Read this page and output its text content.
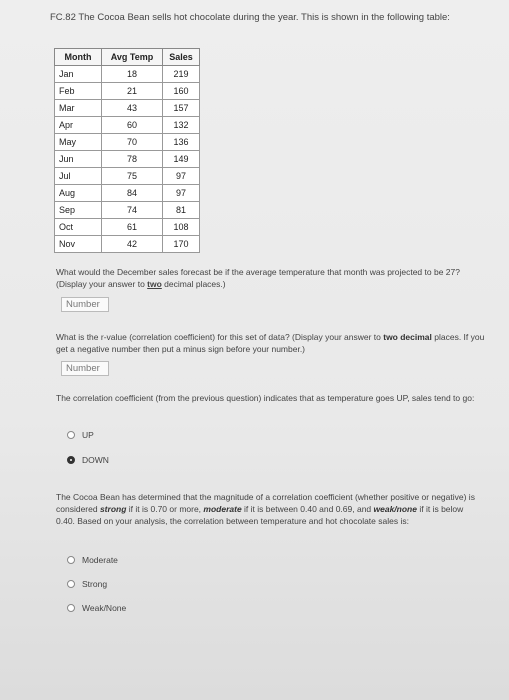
FC.82 The Cocoa Bean sells hot chocolate during the year. This is shown in the following table:
Month	Avg Temp	Sales
Jan	18	219
Feb	21	160
Mar	43	157
Apr	60	132
May	70	136
Jun	78	149
Jul	75	97
Aug	84	97
Sep	74	81
Oct	61	108
Nov	42	170
What would the December sales forecast be if the average temperature that month was projected to be 27? (Display your answer to two decimal places.)
Number
What is the r-value (correlation coefficient) for this set of data? (Display your answer to two decimal places. If you get a negative number then put a minus sign before your number.)
Number
The correlation coefficient (from the previous question) indicates that as temperature goes UP, sales tend to go:
UP
DOWN
The Cocoa Bean has determined that the magnitude of a correlation coefficient (whether positive or negative) is considered strong if it is 0.70 or more, moderate if it is between 0.40 and 0.69, and weak/none if it is below 0.40. Based on your analysis, the correlation between temperature and hot chocolate sales is:
Moderate
Strong
Weak/None
